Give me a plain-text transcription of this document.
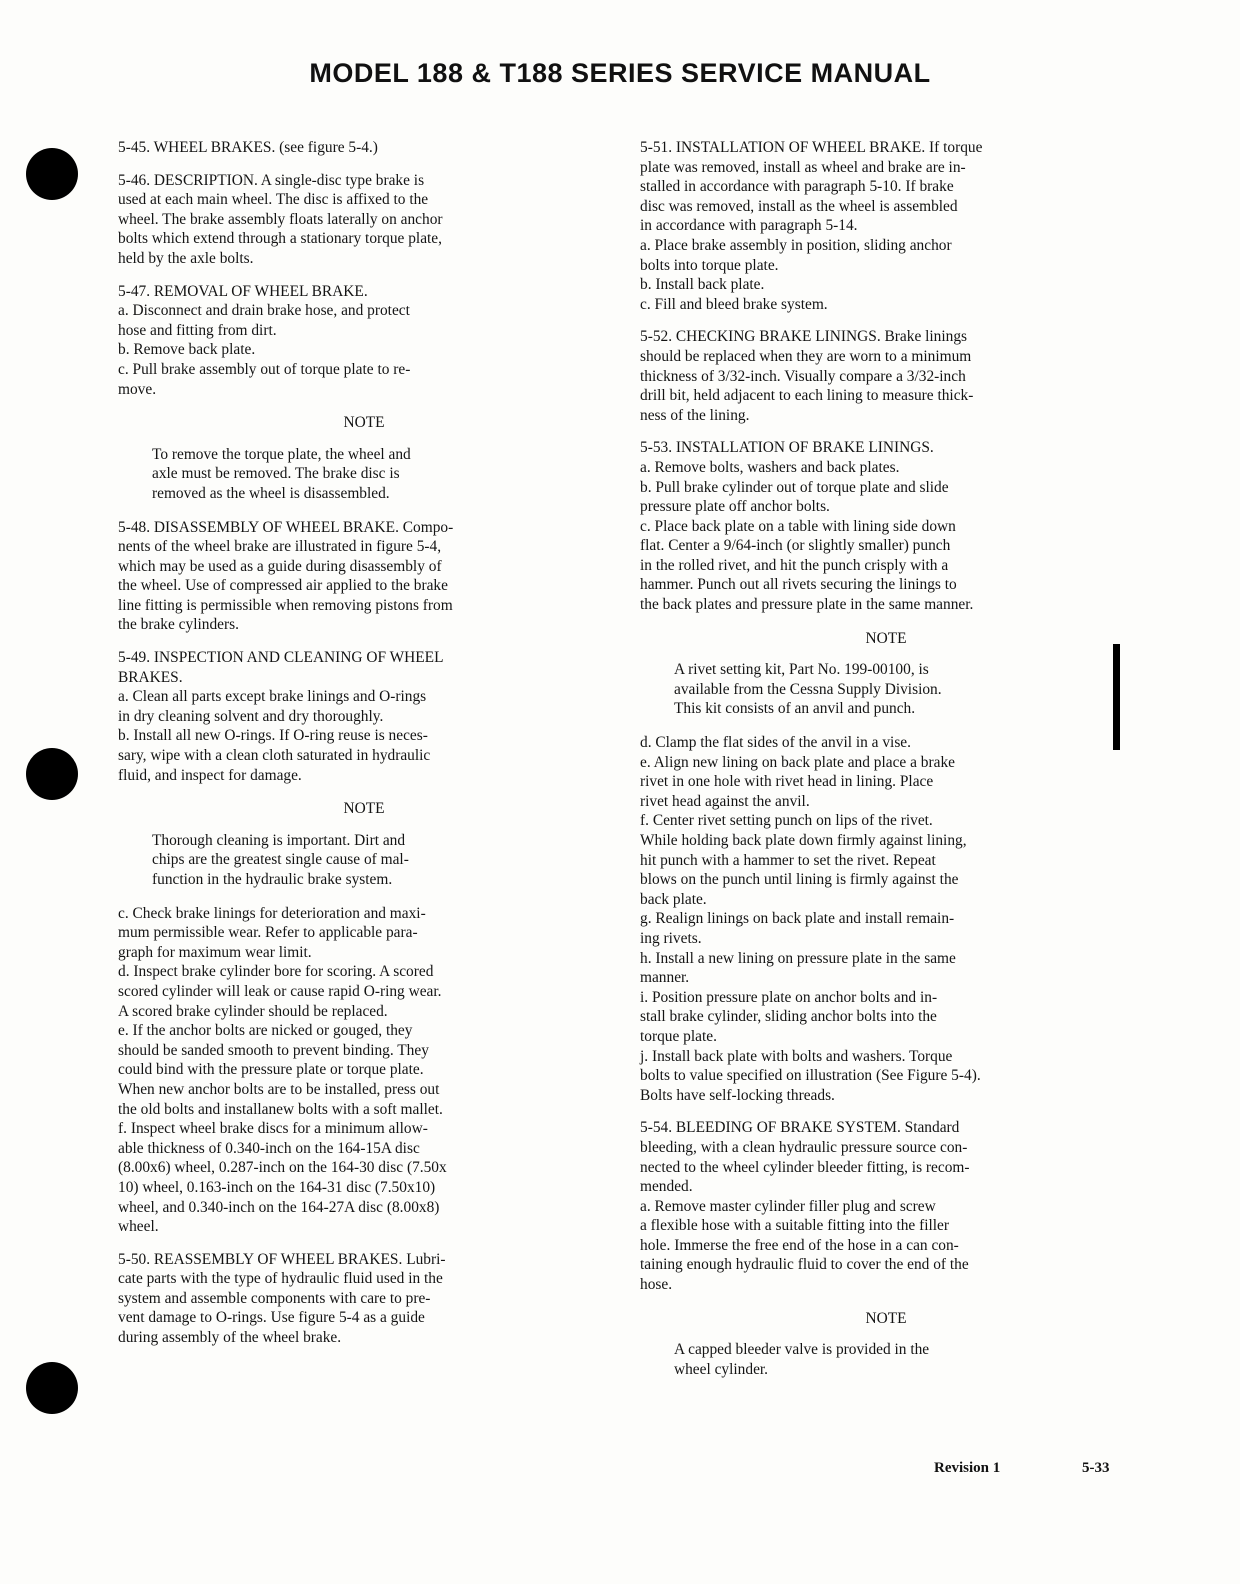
MODEL 188 & T188 SERIES SERVICE MANUAL

5-45. WHEEL BRAKES. (see figure 5-4.)

5-46. DESCRIPTION. A single-disc type brake is
used at each main wheel. The disc is affixed to the
wheel. The brake assembly floats laterally on anchor
bolts which extend through a stationary torque plate,
held by the axle bolts.

5-47. REMOVAL OF WHEEL BRAKE.

a. Disconnect and drain brake hose, and protect
hose and fitting from dirt.

b. Remove back plate.

c. Pull brake assembly out of torque plate to re-
move.

NOTE

To remove the torque plate, the wheel and
axle must be removed. The brake disc is
removed as the wheel is disassembled.

5-48. DISASSEMBLY OF WHEEL BRAKE. Compo-
nents of the wheel brake are illustrated in figure 5-4,
which may be used as a guide during disassembly of
the wheel. Use of compressed air applied to the brake
line fitting is permissible when removing pistons from
the brake cylinders.

5-49. INSPECTION AND CLEANING OF WHEEL
BRAKES.

a. Clean all parts except brake linings and O-rings
in dry cleaning solvent and dry thoroughly.

b. Install all new O-rings. If O-ring reuse is neces-
sary, wipe with a clean cloth saturated in hydraulic
fluid, and inspect for damage.

NOTE

Thorough cleaning is important. Dirt and
chips are the greatest single cause of mal-
function in the hydraulic brake system.

c. Check brake linings for deterioration and maxi-
mum permissible wear. Refer to applicable para-
graph for maximum wear limit.

d. Inspect brake cylinder bore for scoring. A scored
scored cylinder will leak or cause rapid O-ring wear.
A scored brake cylinder should be replaced.

e. If the anchor bolts are nicked or gouged, they
should be sanded smooth to prevent binding. They
could bind with the pressure plate or torque plate.
When new anchor bolts are to be installed, press out
the old bolts and installanew bolts with a soft mallet.

f. Inspect wheel brake discs for a minimum allow-
able thickness of 0.340-inch on the 164-15A disc
(8.00x6) wheel, 0.287-inch on the 164-30 disc (7.50x
10) wheel, 0.163-inch on the 164-31 disc (7.50x10)
wheel, and 0.340-inch on the 164-27A disc (8.00x8)
wheel.

5-50. REASSEMBLY OF WHEEL BRAKES. Lubri-
cate parts with the type of hydraulic fluid used in the
system and assemble components with care to pre-
vent damage to O-rings. Use figure 5-4 as a guide
during assembly of the wheel brake.

5-51. INSTALLATION OF WHEEL BRAKE. If torque
plate was removed, install as wheel and brake are in-
stalled in accordance with paragraph 5-10. If brake
disc was removed, install as the wheel is assembled
in accordance with paragraph 5-14.

a. Place brake assembly in position, sliding anchor
bolts into torque plate.

b. Install back plate.

c. Fill and bleed brake system.

5-52. CHECKING BRAKE LININGS. Brake linings
should be replaced when they are worn to a minimum
thickness of 3/32-inch. Visually compare a 3/32-inch
drill bit, held adjacent to each lining to measure thick-
ness of the lining.

5-53. INSTALLATION OF BRAKE LININGS.

a. Remove bolts, washers and back plates.

b. Pull brake cylinder out of torque plate and slide
pressure plate off anchor bolts.

c. Place back plate on a table with lining side down
flat. Center a 9/64-inch (or slightly smaller) punch
in the rolled rivet, and hit the punch crisply with a
hammer. Punch out all rivets securing the linings to
the back plates and pressure plate in the same manner.

NOTE

A rivet setting kit, Part No. 199-00100, is
available from the Cessna Supply Division.
This kit consists of an anvil and punch.

d. Clamp the flat sides of the anvil in a vise.

e. Align new lining on back plate and place a brake
rivet in one hole with rivet head in lining. Place
rivet head against the anvil.

f. Center rivet setting punch on lips of the rivet.
While holding back plate down firmly against lining,
hit punch with a hammer to set the rivet. Repeat
blows on the punch until lining is firmly against the
back plate.

g. Realign linings on back plate and install remain-
ing rivets.

h. Install a new lining on pressure plate in the same
manner.

i. Position pressure plate on anchor bolts and in-
stall brake cylinder, sliding anchor bolts into the
torque plate.

j. Install back plate with bolts and washers. Torque
bolts to value specified on illustration (See Figure 5-4).
Bolts have self-locking threads.

5-54. BLEEDING OF BRAKE SYSTEM. Standard
bleeding, with a clean hydraulic pressure source con-
nected to the wheel cylinder bleeder fitting, is recom-
mended.

a. Remove master cylinder filler plug and screw
a flexible hose with a suitable fitting into the filler
hole. Immerse the free end of the hose in a can con-
taining enough hydraulic fluid to cover the end of the
hose.

NOTE

A capped bleeder valve is provided in the
wheel cylinder.

Revision 1	5-33
